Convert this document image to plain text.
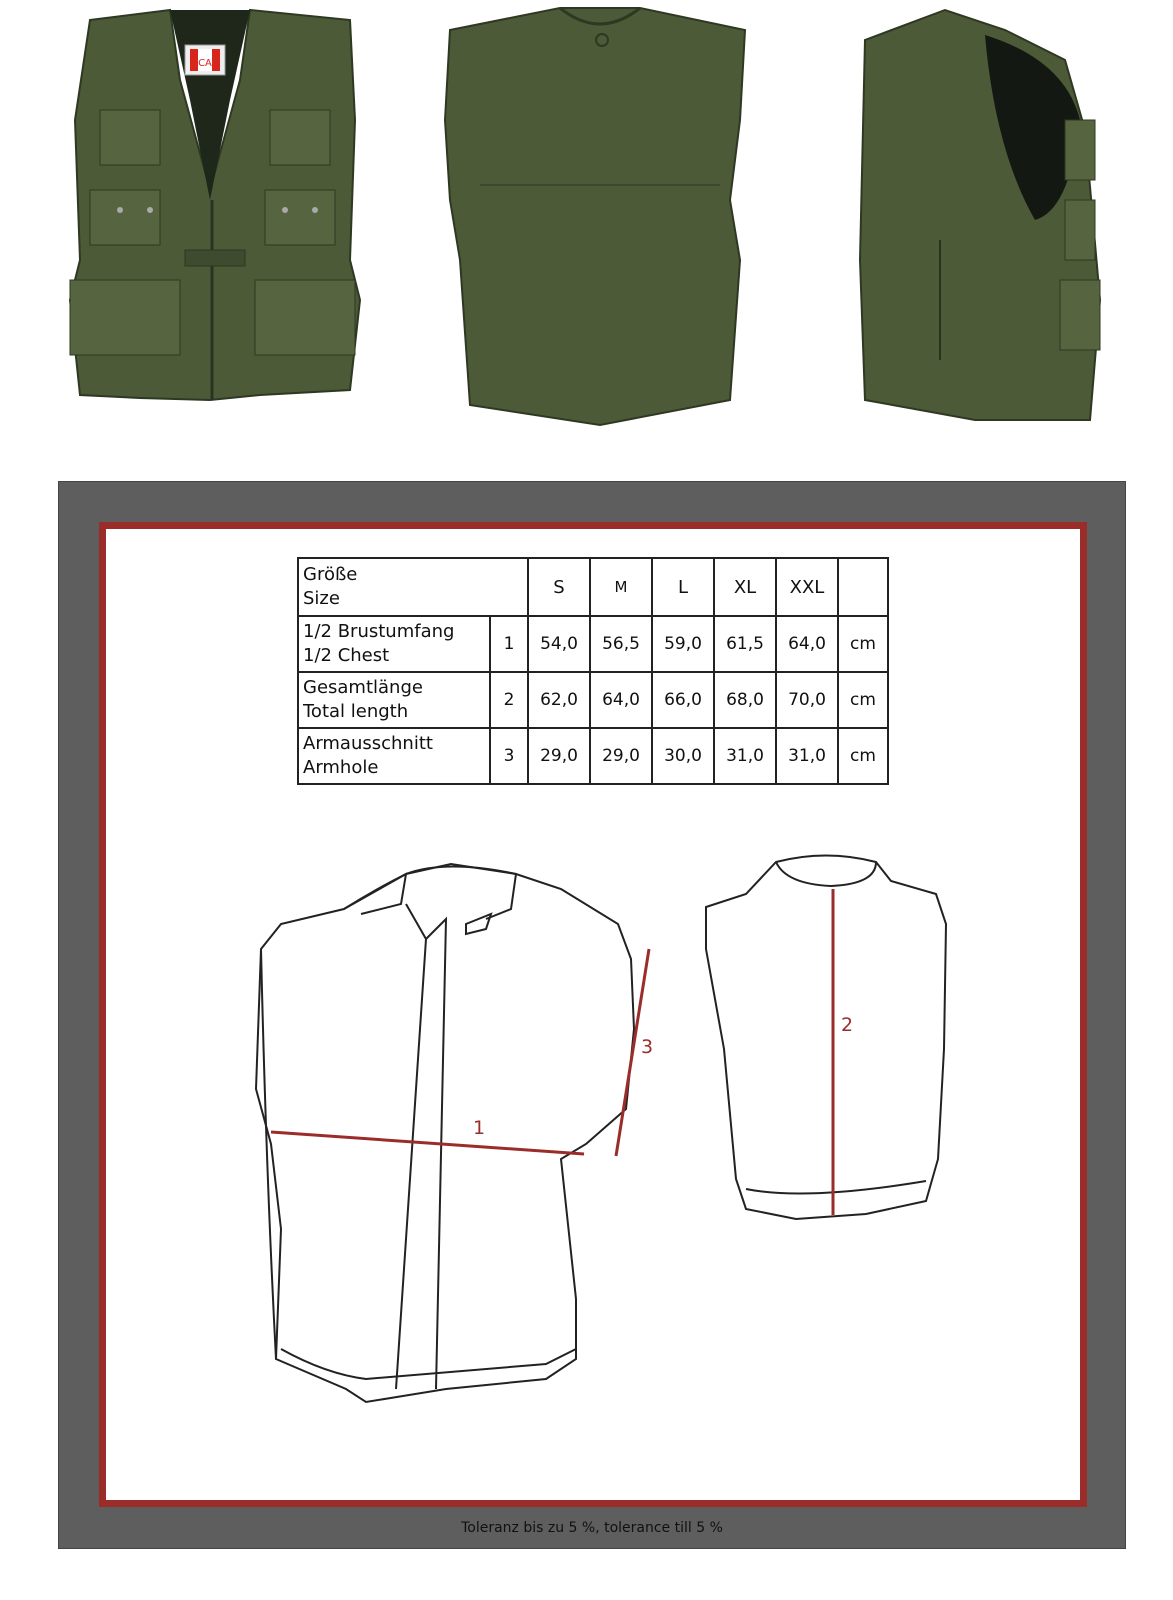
CA
Größe
Size		S	M	L	XL	XXL	

1/2 Brustumfang
1/2 Chest	1	54,0	56,5	59,0	61,5	64,0	cm

Gesamtlänge
Total length	2	62,0	64,0	66,0	68,0	70,0	cm

Armausschnitt
Armhole	3	29,0	29,0	30,0	31,0	31,0	cm
1
3
2
Toleranz bis zu 5 %, tolerance till 5 %
